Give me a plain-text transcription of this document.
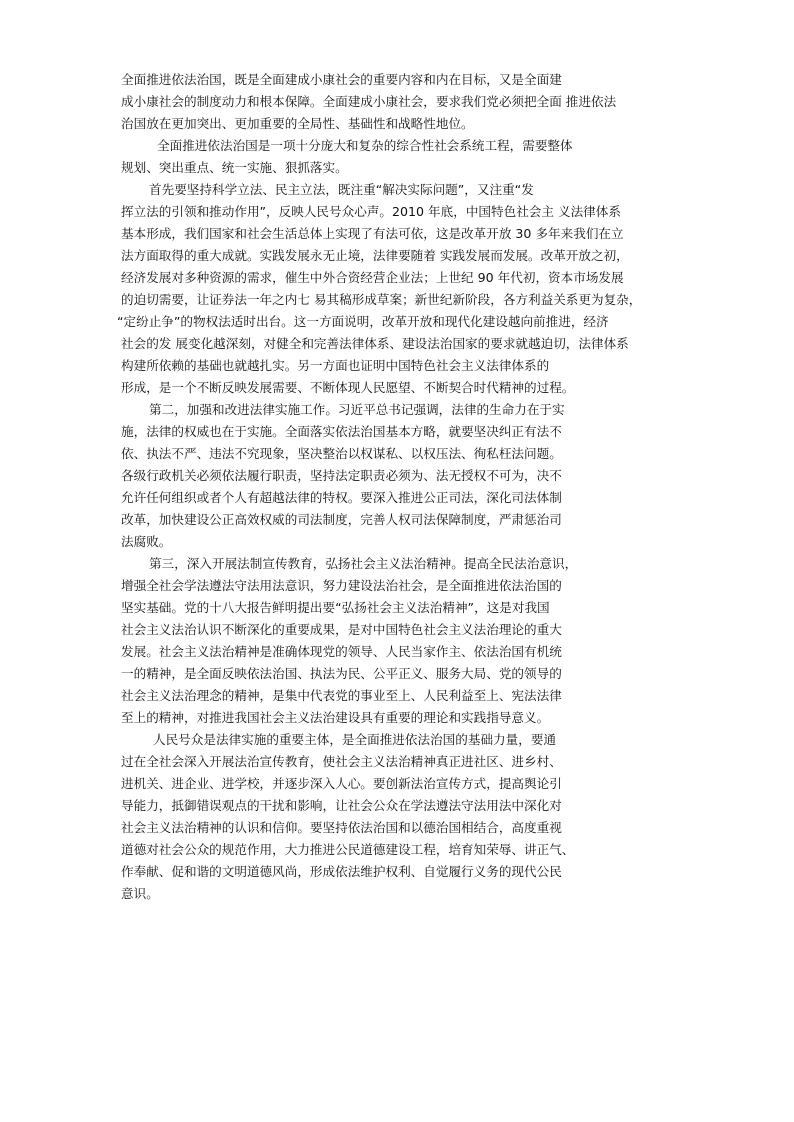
全面推进依法治国，既是全面建成小康社会的重要内容和内在目标，又是全面建
成小康社会的制度动力和根本保障。全面建成小康社会，要求我们党必须把全面 推进依法
治国放在更加突出、更加重要的全局性、基础性和战略性地位。
全面推进依法治国是一项十分庞大和复杂的综合性社会系统工程，需要整体
规划、突出重点、统一实施、狠抓落实。
首先要坚持科学立法、民主立法，既注重“解决实际问题”，又注重“发
挥立法的引领和推动作用”，反映人民号众心声。2010 年底，中国特色社会主 义法律体系
基本形成，我们国家和社会生活总体上实现了有法可依，这是改革开放 30 多年来我们在立
法方面取得的重大成就。实践发展永无止境，法律要随着 实践发展而发展。改革开放之初，
经济发展对多种资源的需求，催生中外合资经营企业法；上世纪 90 年代初，资本市场发展
的迫切需要，让证券法一年之内七 易其稿形成草案；新世纪新阶段，各方利益关系更为复杂，
“定纷止争”的物权法适时出台。这一方面说明，改革开放和现代化建设越向前推进，经济
社会的发 展变化越深刻，对健全和完善法律体系、建设法治国家的要求就越迫切，法律体系
构建所依赖的基础也就越扎实。另一方面也证明中国特色社会主义法律体系的
形成，是一个不断反映发展需要、不断体现人民愿望、不断契合时代精神的过程。
第二，加强和改进法律实施工作。习近平总书记强调，法律的生命力在于实
施，法律的权威也在于实施。全面落实依法治国基本方略，就要坚决纠正有法不
依、执法不严、违法不究现象，坚决整治以权谋私、以权压法、徇私枉法问题。
各级行政机关必须依法履行职责，坚持法定职责必须为、法无授权不可为，决不
允许任何组织或者个人有超越法律的特权。要深入推进公正司法，深化司法体制
改革，加快建设公正高效权威的司法制度，完善人权司法保障制度，严肃惩治司
法腐败。
第三，深入开展法制宣传教育，弘扬社会主义法治精神。提高全民法治意识，
增强全社会学法遵法守法用法意识，努力建设法治社会，是全面推进依法治国的
坚实基础。党的十八大报告鲜明提出要“弘扬社会主义法治精神”，这是对我国
社会主义法治认识不断深化的重要成果，是对中国特色社会主义法治理论的重大
发展。社会主义法治精神是准确体现党的领导、人民当家作主、依法治国有机统
一的精神，是全面反映依法治国、执法为民、公平正义、服务大局、党的领导的
社会主义法治理念的精神，是集中代表党的事业至上、人民利益至上、宪法法律
至上的精神，对推进我国社会主义法治建设具有重要的理论和实践指导意义。
人民号众是法律实施的重要主体，是全面推进依法治国的基础力量，要通
过在全社会深入开展法治宣传教育，使社会主义法治精神真正进社区、进乡村、
进机关、进企业、进学校，并逐步深入人心。要创新法治宣传方式，提高舆论引
导能力，抵御错误观点的干扰和影响，让社会公众在学法遵法守法用法中深化对
社会主义法治精神的认识和信仰。要坚持依法治国和以德治国相结合，高度重视
道德对社会公众的规范作用，大力推进公民道德建设工程，培育知荣辱、讲正气、
作奉献、促和谐的文明道德风尚，形成依法维护权利、自觉履行义务的现代公民
意识。
